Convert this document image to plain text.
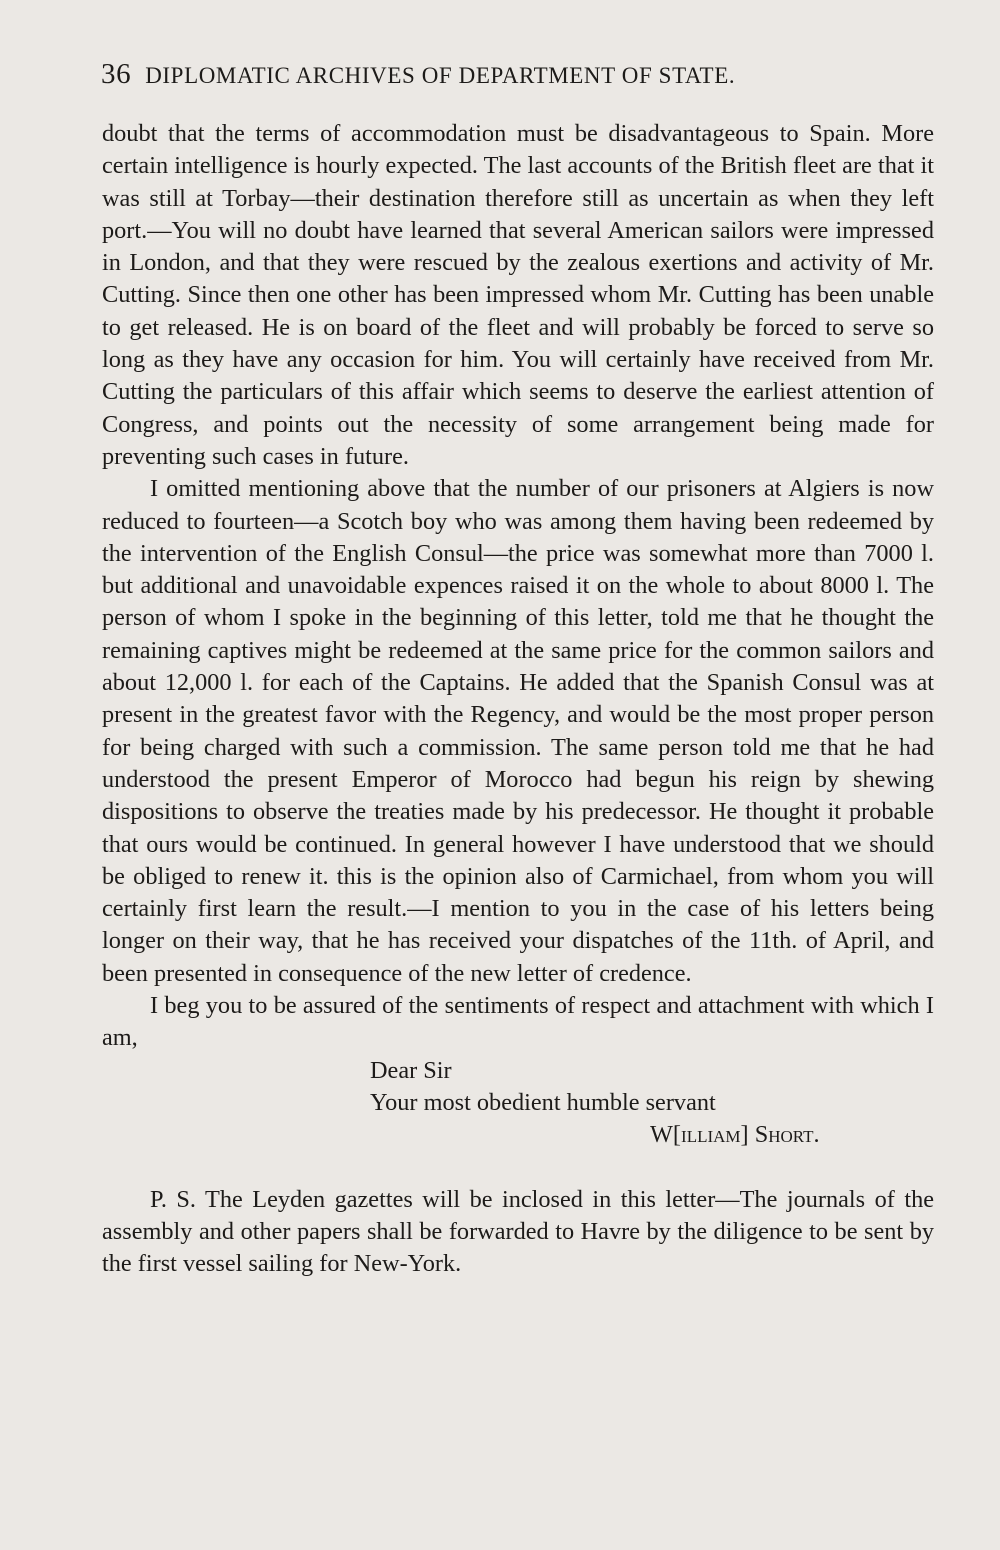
36 DIPLOMATIC ARCHIVES OF DEPARTMENT OF STATE.

doubt that the terms of accommodation must be disadvantageous to Spain. More certain intelligence is hourly expected. The last accounts of the British fleet are that it was still at Torbay—their destination therefore still as uncertain as when they left port.—You will no doubt have learned that several American sailors were impressed in London, and that they were rescued by the zealous exertions and activity of Mr. Cutting. Since then one other has been impressed whom Mr. Cutting has been unable to get released. He is on board of the fleet and will probably be forced to serve so long as they have any occasion for him. You will certainly have received from Mr. Cutting the particulars of this affair which seems to deserve the earliest attention of Congress, and points out the necessity of some arrangement being made for preventing such cases in future.

I omitted mentioning above that the number of our prisoners at Algiers is now reduced to fourteen—a Scotch boy who was among them having been redeemed by the intervention of the English Consul—the price was somewhat more than 7000 l. but additional and unavoidable expences raised it on the whole to about 8000 l. The person of whom I spoke in the beginning of this letter, told me that he thought the remaining captives might be redeemed at the same price for the common sailors and about 12,000 l. for each of the Captains. He added that the Spanish Consul was at present in the greatest favor with the Regency, and would be the most proper person for being charged with such a commission. The same person told me that he had understood the present Emperor of Morocco had begun his reign by shewing dispositions to observe the treaties made by his predecessor. He thought it probable that ours would be continued. In general however I have understood that we should be obliged to renew it. this is the opinion also of Carmichael, from whom you will certainly first learn the result.—I mention to you in the case of his letters being longer on their way, that he has received your dispatches of the 11th. of April, and been presented in consequence of the new letter of credence.

I beg you to be assured of the sentiments of respect and attachment with which I am,

Dear Sir

Your most obedient humble servant

W[illiam] Short.

P. S. The Leyden gazettes will be inclosed in this letter—The journals of the assembly and other papers shall be forwarded to Havre by the diligence to be sent by the first vessel sailing for New-York.
